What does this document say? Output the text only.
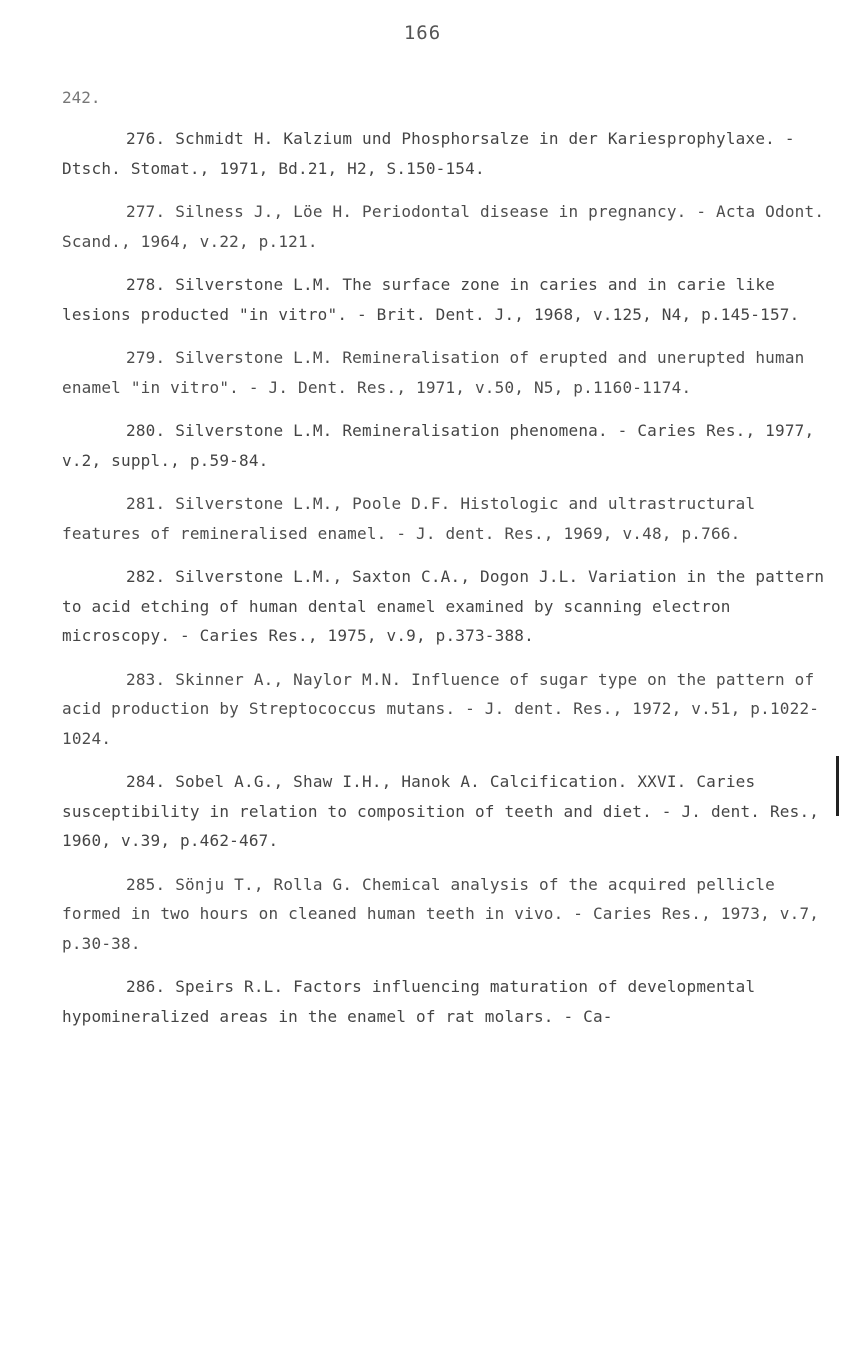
166
242.

276. Schmidt H. Kalzium und Phosphorsalze in der Kariesprophylaxe. - Dtsch. Stomat., 1971, Bd.21, H2, S.150-154.

277. Silness J., Löe H. Periodontal disease in pregnancy. - Acta Odont. Scand., 1964, v.22, p.121.

278. Silverstone L.M. The surface zone in caries and in carie like lesions producted "in vitro". - Brit. Dent. J., 1968, v.125, N4, p.145-157.

279. Silverstone L.M. Remineralisation of erupted and unerupted human enamel "in vitro". - J. Dent. Res., 1971, v.50, N5, p.1160-1174.

280. Silverstone L.M. Remineralisation phenomena. - Caries Res., 1977, v.2, suppl., p.59-84.

281. Silverstone L.M., Poole D.F. Histologic and ultrastructural features of remineralised enamel. - J. dent. Res., 1969, v.48, p.766.

282. Silverstone L.M., Saxton C.A., Dogon J.L. Variation in the pattern to acid etching of human dental enamel examined by scanning electron microscopy. - Caries Res., 1975, v.9, p.373-388.

283. Skinner A., Naylor M.N. Influence of sugar type on the pattern of acid production by Streptococcus mutans. - J. dent. Res., 1972, v.51, p.1022-1024.

284. Sobel A.G., Shaw I.H., Hanok A. Calcification. XXVI. Caries susceptibility in relation to composition of teeth and diet. - J. dent. Res., 1960, v.39, p.462-467.

285. Sönju T., Rolla G. Chemical analysis of the acquired pellicle formed in two hours on cleaned human teeth in vivo. - Caries Res., 1973, v.7, p.30-38.

286. Speirs R.L. Factors influencing maturation of developmental hypomineralized areas in the enamel of rat molars. - Ca-
